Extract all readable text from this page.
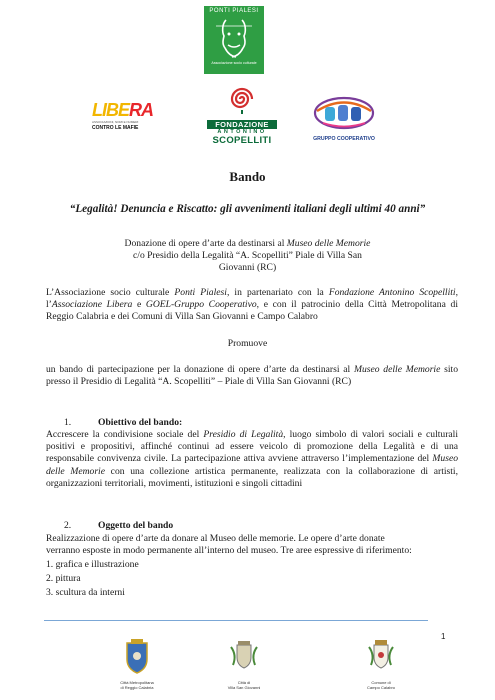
PONTI PIALESI
Associazione socio culturale
LIBERA
ASSOCIAZIONI, NOMI E NUMERI
CONTRO LE MAFIE	FONDAZIONE
ANTONINO
SCOPELLITI	GRUPPO COOPERATIVO
Bando
“Legalità! Denuncia e Riscatto: gli avvenimenti italiani degli ultimi 40 anni”
Donazione di opere d’arte da destinarsi al Museo delle Memorie
c/o Presidio della Legalità “A. Scopelliti” Piale di Villa San
Giovanni (RC)
L’Associazione socio culturale Ponti Pialesi, in partenariato con la Fondazione Antonino Scopelliti, l’Associazione Libera e GOEL-Gruppo Cooperativo, e con il patrocinio della Città Metropolitana di Reggio Calabria e dei Comuni di Villa San Giovanni e Campo Calabro
Promuove
un bando di partecipazione per la donazione di opere d’arte da destinarsi al Museo delle Memorie sito presso il Presidio di Legalità “A. Scopelliti” – Piale di Villa San Giovanni (RC)
1.	Obiettivo del bando:
Accrescere la condivisione sociale del Presidio di Legalità, luogo simbolo di valori sociali e culturali positivi e propositivi, affinché continui ad essere veicolo di promozione della Legalità e di una responsabile convivenza civile. La partecipazione attiva avviene attraverso l’implementazione del Museo delle Memorie con una collezione artistica permanente, realizzata con la collaborazione di artisti, organizzazioni territoriali, movimenti, istituzioni e singoli cittadini
2.	Oggetto del bando
Realizzazione di opere d’arte da donare al Museo delle memorie. Le opere d’arte donate
verranno esposte in modo permanente all’interno del museo. Tre aree espressive di riferimento:
1. grafica e illustrazione
2. pittura
3. scultura da interni
1
Città Metropolitana
di Reggio Calabria
Città di
Villa San Giovanni
Comune di
Campo Calabro
